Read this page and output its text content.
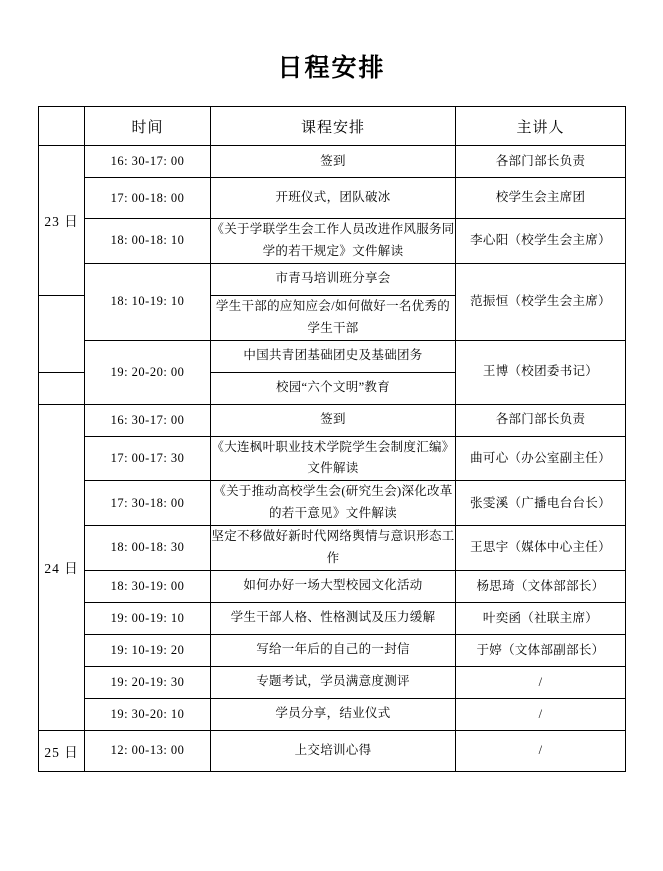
日程安排
	时间	课程安排	主讲人
23 日	16: 30-17: 00	签到	各部门部长负责
	17: 00-18: 00	开班仪式，团队破冰	校学生会主席团
	18: 00-18: 10	《关于学联学生会工作人员改进作风服务同学的若干规定》文件解读	李心阳（校学生会主席）
	18: 10-19: 10	市青马培训班分享会	范振恒（校学生会主席）
		学生干部的应知应会/如何做好一名优秀的学生干部	
	19: 20-20: 00	中国共青团基础团史及基础团务	王博（校团委书记）
		校园“六个文明”教育	
24 日	16: 30-17: 00	签到	各部门部长负责
	17: 00-17: 30	《大连枫叶职业技术学院学生会制度汇编》文件解读	曲可心（办公室副主任）
	17: 30-18: 00	《关于推动高校学生会(研究生会)深化改革的若干意见》文件解读	张雯溪（广播电台台长）
	18: 00-18: 30	坚定不移做好新时代网络舆情与意识形态工作	王思宇（媒体中心主任）
	18: 30-19: 00	如何办好一场大型校园文化活动	杨思琦（文体部部长）
	19: 00-19: 10	学生干部人格、性格测试及压力缓解	叶奕函（社联主席）
	19: 10-19: 20	写给一年后的自己的一封信	于婷（文体部副部长）
	19: 20-19: 30	专题考试，学员满意度测评	/
	19: 30-20: 10	学员分享，结业仪式	/
25 日	12: 00-13: 00	上交培训心得	/
